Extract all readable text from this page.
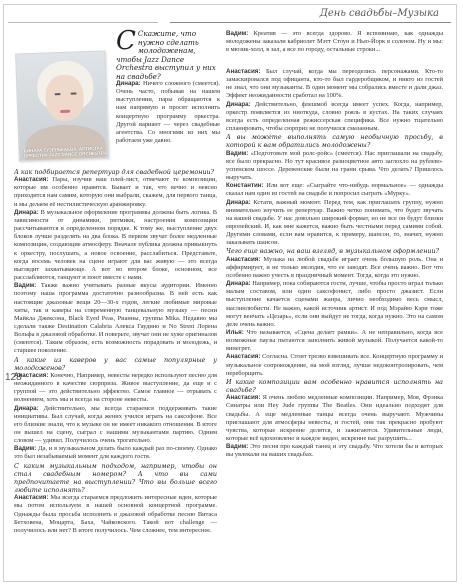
День свадьбы–Музыка
128
ДИНАРА ГУЗЕЛЬКАЕВА, АРТИСТКА ОРКЕСТРА JAZZ DANCE ORCHESTRA
С Скажите, что нужно сделать молодоженам, чтобы Jazz Dance Orchestra выступил у них на свадьбе?

Динара: Ничего сложного (смеется). Очень часто, побывав на нашем выступлении, пары обращаются к нам напрямую и просят исполнить концертную программу оркестра. Другой вариант — через свадебные агентства. Со многими из них мы работаем уже давно.

А как подбирается репертуар для свадебной церемонии?

Анастасия: Пары, изучив наш плей-лист, отмечают те композиции, которые им особенно нравятся. Бывает и так, что вечно и неясно приходится нам самим, которую они выбрали, скажем, для первого танца, и мы делаем её нестилистическую аранжировку.

Динара: В музыкальное оформление программы должны быть логика. В зависимости от динамики, ритмики, настроения композиции рассчитываются в определенном порядке. К тому же, выступление двух блоков лучше разделять на два блока. В первом звучат более медленные композиции, создающие атмосферу. Вначале публика должна привыкнуть к оркестру, послушать, а новое освоение, расслабиться. Представьте, когда восемь человек на сцене играют для вас живую — это всегда выглядит захватывающе. А вот во втором блоке, основном, все расслабляются, танцуют и поют вместе с нами.

Вадим: Также важно учитывать разные вкусы аудитории. Именно поэтому наша программа достаточно разнообразна. В ней есть как настоящие джазовые вещи 20—30-х годов, легкие любимые мировые хиты, так и каверы на современную танцевальную музыку — песни Майкла Джексона, Black Eyed Peas, Рианны, группы Mika. Недавно мы сделали также Destination Calabria Алекса Гаудино и No Strest Лорена Вольфа в джазовой обработке. И поверьте, звучат они не хуже оригиналов (смеются). Таким образом, есть возможность порадовать и молодежь, и старшее поколение.

А какие из каверов у вас самые популярные у молодоженов?

Анастасия: Конечно, Например, невесты нередко используют песню для неожиданного в качестве сюрприза. Живое выступление, да еще и с группой — это действительно эффектно. Самое главное — отрывать с волнением, хоть мы и всегда на стороне невесты.

Динара: Действительно, мы всегда стараемся поддерживать такие инициативы. Был случай, когда жених учился играть на саксофоне. Все его близкие знали, что к музыке он не имеет никакого отношения. В итоге он вышел на сцену, сыграл с нашими музыкантами партию. Одним словом — удивил. Получилось очень трогательно.

Вадим: Да, и в музыкальном делать было каждый раз по-своему. Однако это был незабываемый момент для каждого гостя.

С каким музыкальным подходом, например, чтобы он стал свадебным номером? А что вы сами предпочитаете на выступлении? Что вы больше всего любите исполнять?

Анастасия: Мы всегда стараемся предложить интересные идеи, которые мы потом используем в нашей основной концертной программе. Однажды была просьба исполнить в джазовой обработке песню Витаса Бетховена, Моцарта, Баха, Чайковского. Такой вот challenge — получилось или нет? В итоге получилось. Чем сложнее, тем интереснее.

Вадим: Креатив — это всегда здорово. Я вспоминаю, как однажды молодожены заказали кабриолет Мэтт Стоун и Нью-Йорк в соленом. Ну и мы: в мюзик-холл, в зал, а все по городу, остальные строки...

Анастасия: Был случай, когда мы переоделись персонажами. Кто-то замаскировался под офицанта, кто-то был гардеробщиком, и никто из гостей не знал, что они музыканты. В один момент мы собрались вместе и дали джаз. Эффект неожиданности сработал на 100%.

Динара: Действительно, флешмоб всегда имеет успех. Когда, например, оркестр появляется из ниоткуда, словно рояль в кустах. На таких случаях всегда есть определенная режиссерская специфика. Все нужно тщательно спланировать, чтобы сюрприз не получился смазанным.

А вы можете выполнять самую необычную просьбу, в которой к вам обратились молодожены?

Вадим: «Подготовьте мой ролс-ройс» (смеется). Нас приглашали на свадьбу, все было прекрасно. Но тут красивое разноцветное авто заглохло на рублево-успенском шоссе. Деревенские были на грани срыва. Что делать? Пришлось выручать.

Константин: Или вот еще: «Сыграйте что-нибудь нормальное» — однажды сказал нам один из гостей на свадьбе и попросил сыграть «Мурку».

Динара: Кстати, важный момент. Перед тем, как приглашать группу, нужно внимательно изучить ее репертуар. Важно четко понимать, что будет звучать на вашей свадьбе. У нас довольно широкий формат, но не все он будут близки европейский. И, как мне кажется, важно быть честными перед самими собой. Другими словами, если вам нравится, к примеру, шансон, то, значит, нужно заказывать шансон.

Чего еще важно, на ваш взгляд, в музыкальном оформлении?

Анастасия: Музыка на любой свадьбе играет очень большую роль. Она и аффирмирует, и не только мелодия, что ее заводят. Все очень важно. Вот что особенно важно учесть в праздничный момент. Тогда, когда это нужно.

Динара: Например, пока собираются гости, лучше, чтобы просто играл только малым составом, или один саксофонист, либо просто джазист. Если выступление качается сценами жанра, лично необходимо весь смысл, маслинлюбисти. Не важно, какой источник артист. И под Мэрайю Кэри тоже могут венчать «Цезарь», если они выйдут не тогда, когда нужно. Это на самом деле очень важно.

Илья: Что называется, «Сцена делает рамки». А не неправильно, когда все возможные паузы пытаются заполнить живой музыкой. Получается какой-то винегрет.

Анастасия: Согласна. Стоит трезво взвешивать все. Концертную программу и музыкальное сопровождение, на мой взгляд, лучше недоконтролировать, чем переборщить.

И какие композиции вам особенно нравится исполнять на свадьбе?

Анастасия: Я очень люблю медленные композиции. Например, Моя, Фрэнка Синатры или Hey Jude группы The Beatles. Они идеально подходят для свадьбы. А еще медленные танцы всегда очень выручают. Мужчины приглашают для атмосферы невесты, и гостей, они так прекрасно пробуют чувства, которые искренне делятся, и зажигаются. Удивительные люди, которые всё вдохновлено и каждое видео, искренне вас разрушить...

Вадим: Это песня про каждый танец и эту свадьбу. Что хотели бы и которых вы увлекали на ваших свадьбах.
